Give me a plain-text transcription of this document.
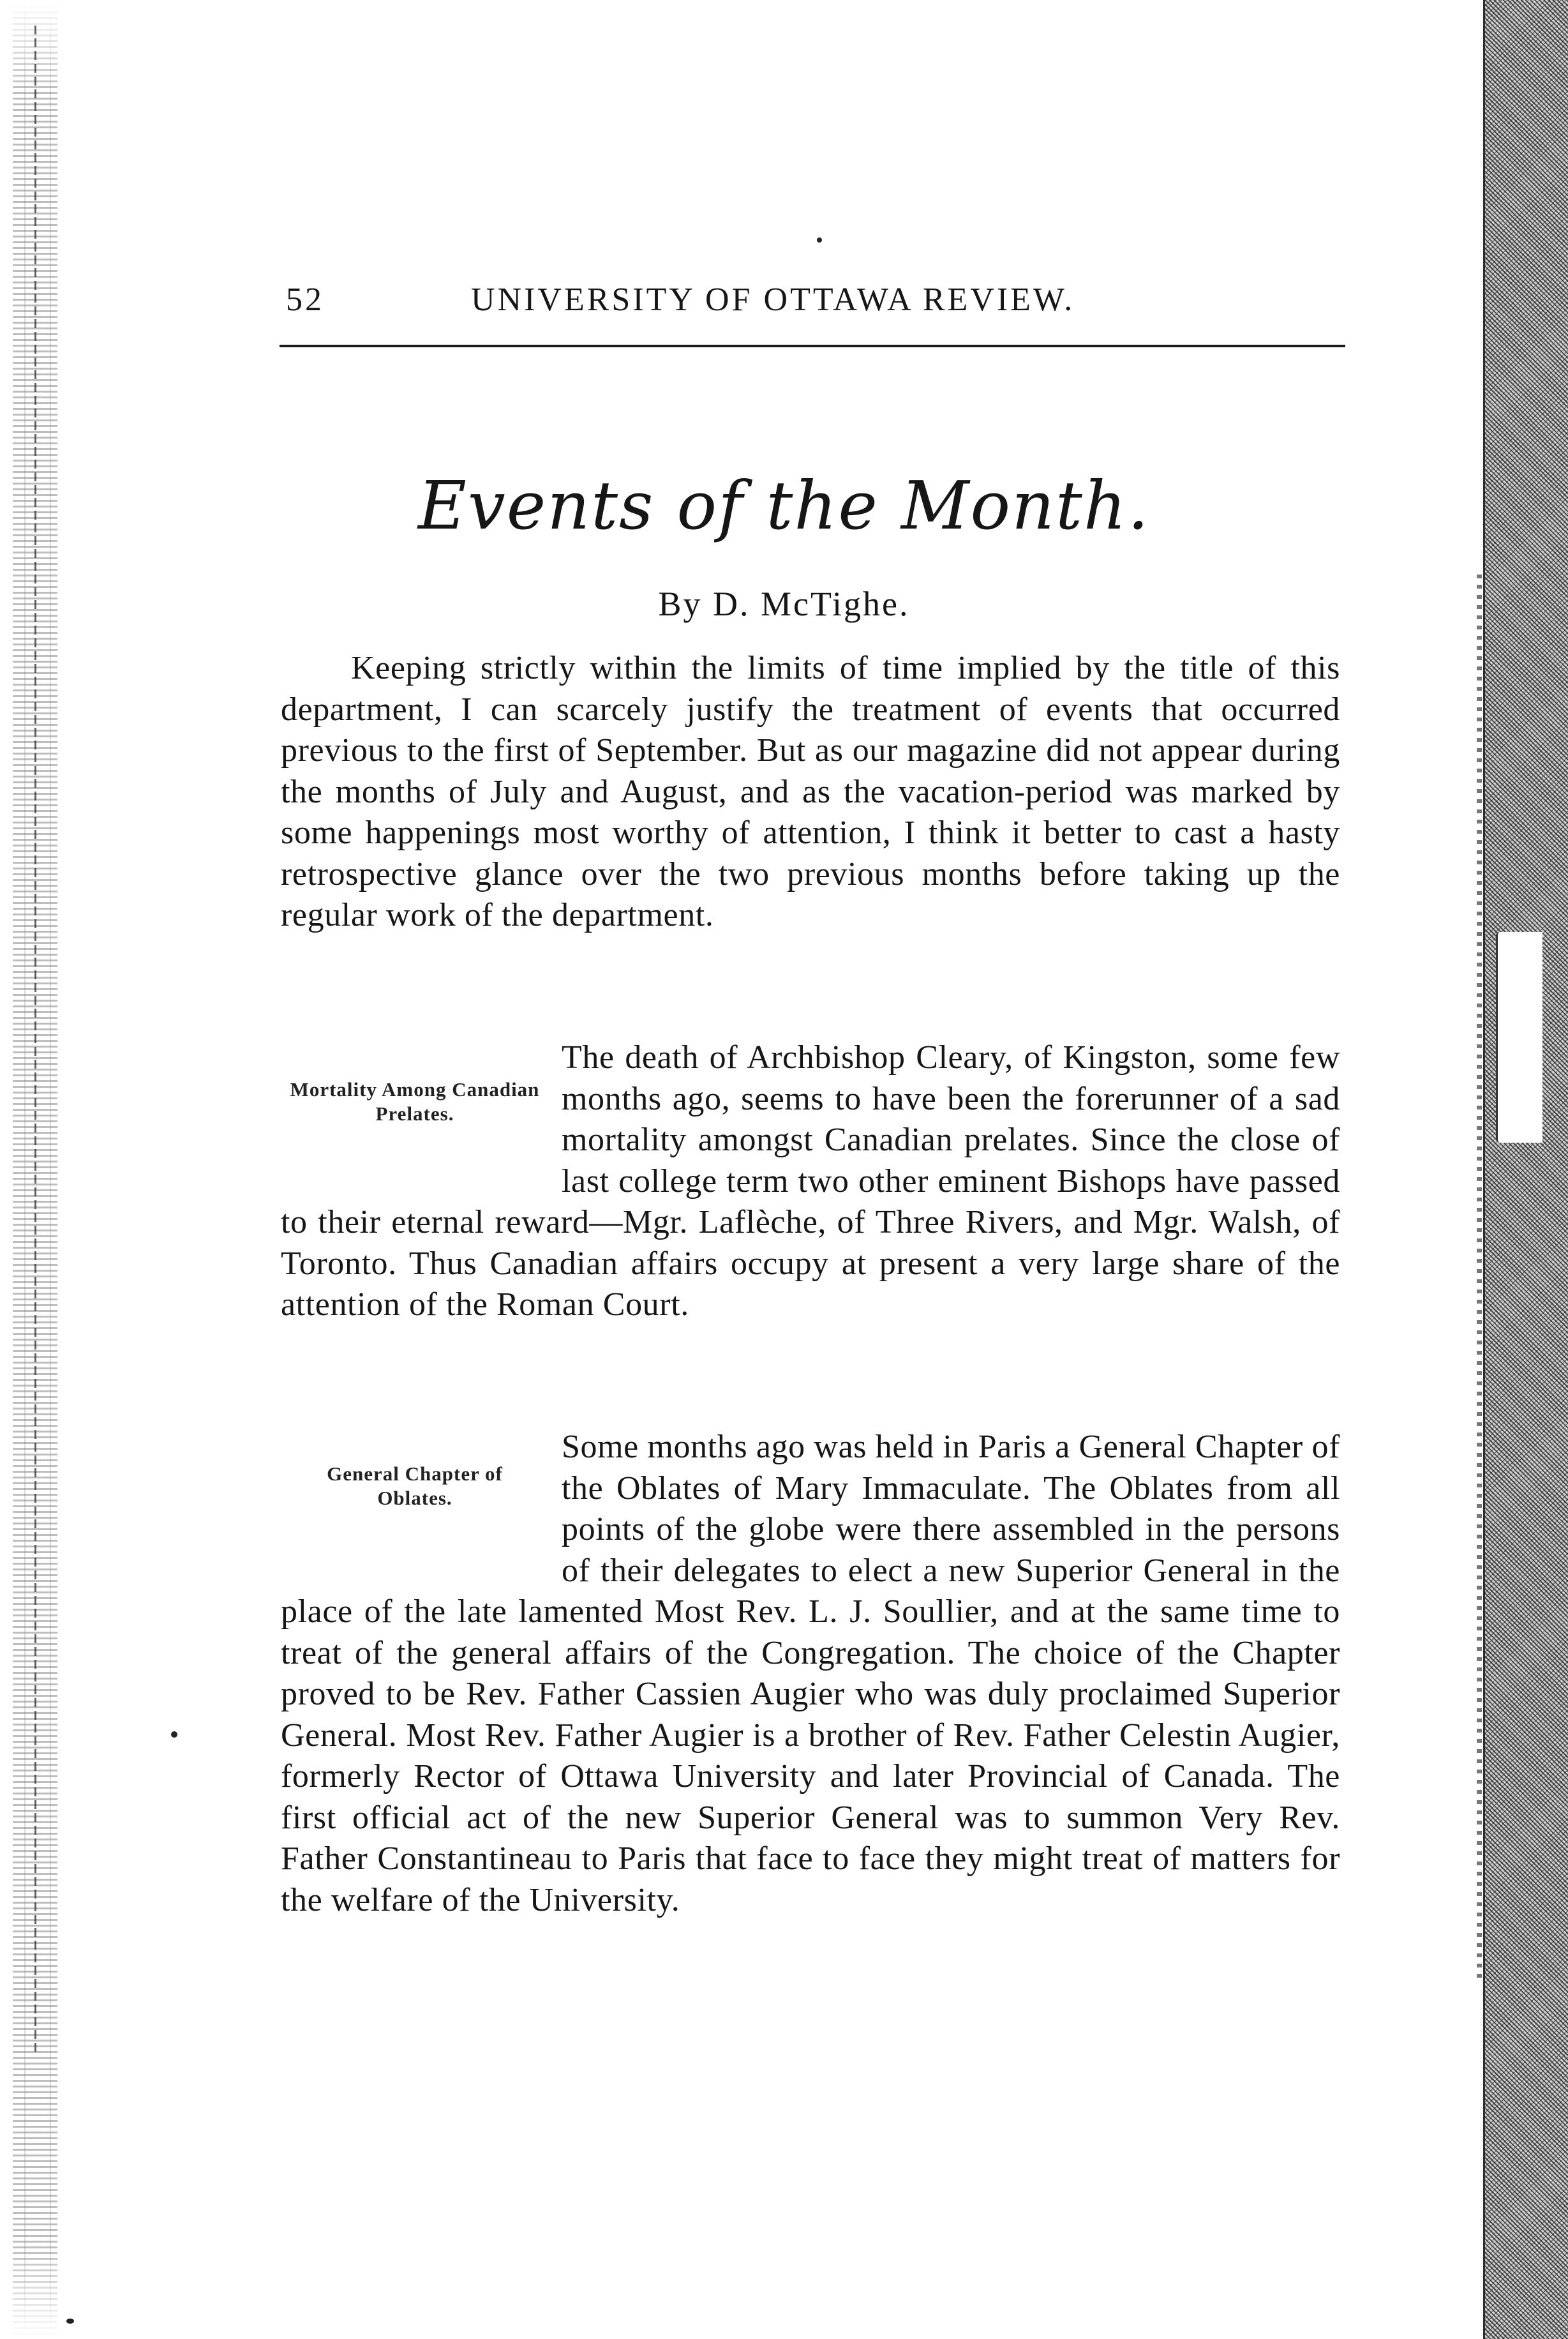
52	UNIVERSITY OF OTTAWA REVIEW.
Events of the Month.
By D. McTighe.
Keeping strictly within the limits of time implied by the title of this department, I can scarcely justify the treatment of events that occurred previous to the first of September. But as our magazine did not appear during the months of July and August, and as the vacation-period was marked by some happenings most worthy of attention, I think it better to cast a hasty retrospective glance over the two previous months before taking up the regular work of the department.
Mortality Among Canadian Prelates.
The death of Archbishop Cleary, of Kingston, some few months ago, seems to have been the forerunner of a sad mortality amongst Canadian prelates. Since the close of last college term two other eminent Bishops have passed to their eternal reward—Mgr. Laflèche, of Three Rivers, and Mgr. Walsh, of Toronto. Thus Canadian affairs occupy at present a very large share of the attention of the Roman Court.
General Chapter of Oblates.
Some months ago was held in Paris a General Chapter of the Oblates of Mary Immaculate. The Oblates from all points of the globe were there assembled in the persons of their delegates to elect a new Superior General in the place of the late lamented Most Rev. L. J. Soullier, and at the same time to treat of the general affairs of the Congregation. The choice of the Chapter proved to be Rev. Father Cassien Augier who was duly proclaimed Superior General. Most Rev. Father Augier is a brother of Rev. Father Celestin Augier, formerly Rector of Ottawa University and later Provincial of Canada. The first official act of the new Superior General was to summon Very Rev. Father Constantineau to Paris that face to face they might treat of matters for the welfare of the University.
